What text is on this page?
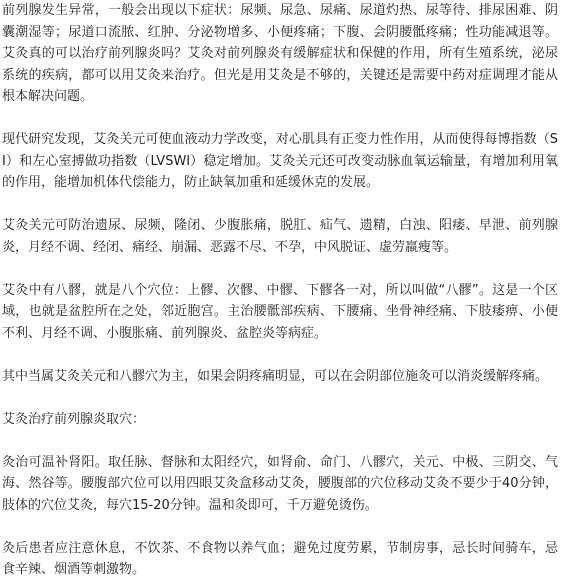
前列腺发生异常，一般会出现以下症状：尿频、尿急、尿痛、尿道灼热、尿等待、排尿困难、阴囊潮湿等；尿道口流脓、红肿、分泌物增多、小便疼痛；下腹、会阴腰骶疼痛；性功能减退等。艾灸真的可以治疗前列腺炎吗？艾灸对前列腺炎有缓解症状和保健的作用，所有生殖系统，泌尿系统的疾病，都可以用艾灸来治疗。但光是用艾灸是不够的，关键还是需要中药对症调理才能从根本解决问题。

现代研究发现，艾灸关元可使血液动力学改变，对心肌具有正变力性作用，从而使得每博指数（SI）和左心室搏做功指数（LVSWI）稳定增加。艾灸关元还可改变动脉血氧运输量，有增加利用氧的作用，能增加机体代偿能力，防止缺氧加重和延缓休克的发展。

艾灸关元可防治遗尿、尿频，隆闭、少腹胀痛，脱肛、疝气、遗精，白浊、阳痿、早泄、前列腺炎，月经不调、经闭、痛经、崩漏、恶露不尽、不孕，中风脱证、虚劳羸瘦等。

艾灸中有八髎，就是八个穴位：上髎、次髎、中髎、下髎各一对，所以叫做“八髎”。这是一个区域，也就是盆腔所在之处，邻近胞宫。主治腰骶部疾病、下腰痛、坐骨神经痛、下肢痿痹、小便不利、月经不调、小腹胀痛、前列腺炎、盆腔炎等病症。

其中当属艾灸关元和八髎穴为主，如果会阴疼痛明显，可以在会阴部位施灸可以消炎缓解疼痛。

艾灸治疗前列腺炎取穴：

灸治可温补肾阳。取任脉、督脉和太阳经穴，如肾俞、命门、八髎穴，关元、中极、三阴交、气海、然谷等。腰腹部穴位可以用四眼艾灸盒移动艾灸，腰腹部的穴位移动艾灸不要少于40分钟，肢体的穴位艾灸，每穴15-20分钟。温和灸即可，千万避免烫伤。

灸后患者应注意休息，不饮茶、不食物以养气血；避免过度劳累，节制房事，忌长时间骑车，忌食辛辣、烟酒等刺激物。
